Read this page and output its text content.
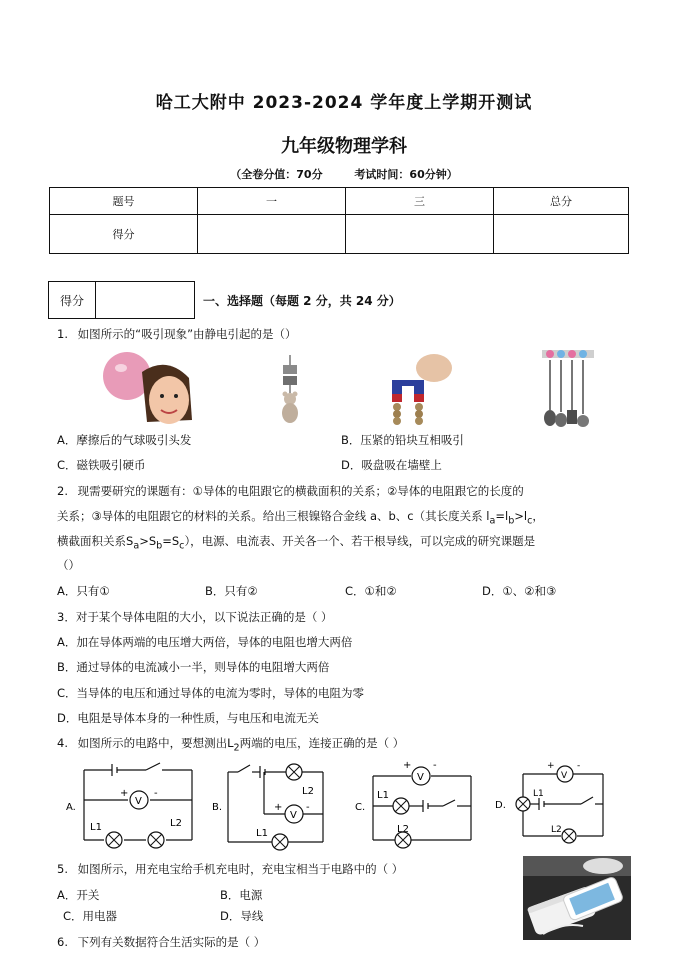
哈工大附中 2023-2024 学年度上学期开测试
九年级物理学科
（全卷分值：70分	考试时间：60分钟）
题号	一	三	总分
得分			
得分	一、选择题（每题 2 分，共 24 分）
1. 如图所示的“吸引现象”由静电引起的是（）
A．摩擦后的气球吸引头发	B．压紧的铅块互相吸引
C．磁铁吸引硬币	D．吸盘吸在墙壁上
2. 现需要研究的课题有：①导体的电阻跟它的横截面积的关系；②导体的电阻跟它的长度的
关系；③导体的电阻跟它的材料的关系。给出三根镍铬合金线 a、b、c（其长度关系 $l_a=l_b>l_c$，
横截面积关系$S_a>S_b=S_c$），电源、电流表、开关各一个、若干根导线，可以完成的研究课题是
（）
A．只有①	B．只有②	C．①和②	D．①、②和③
3．对于某个导体电阻的大小，以下说法正确的是（ ）
A．加在导体两端的电压增大两倍，导体的电阻也增大两倍
B．通过导体的电流减小一半，则导体的电阻增大两倍
C．当导体的电压和通过导体的电流为零时，导体的电阻为零
D．电阻是导体本身的一种性质，与电压和电流无关
4. 如图所示的电路中，要想测出$L_2$两端的电压，连接正确的是（ ）
A.
V
+	-
L1	L2
B.
V
+ -
L2
L1
C.
V
+ -
L1
L2
D.
V
+ -
L1
L2
5. 如图所示，用充电宝给手机充电时，充电宝相当于电路中的（ ）
A．开关	B．电源
C．用电器	D．导线
6. 下列有关数据符合生活实际的是（ ）
